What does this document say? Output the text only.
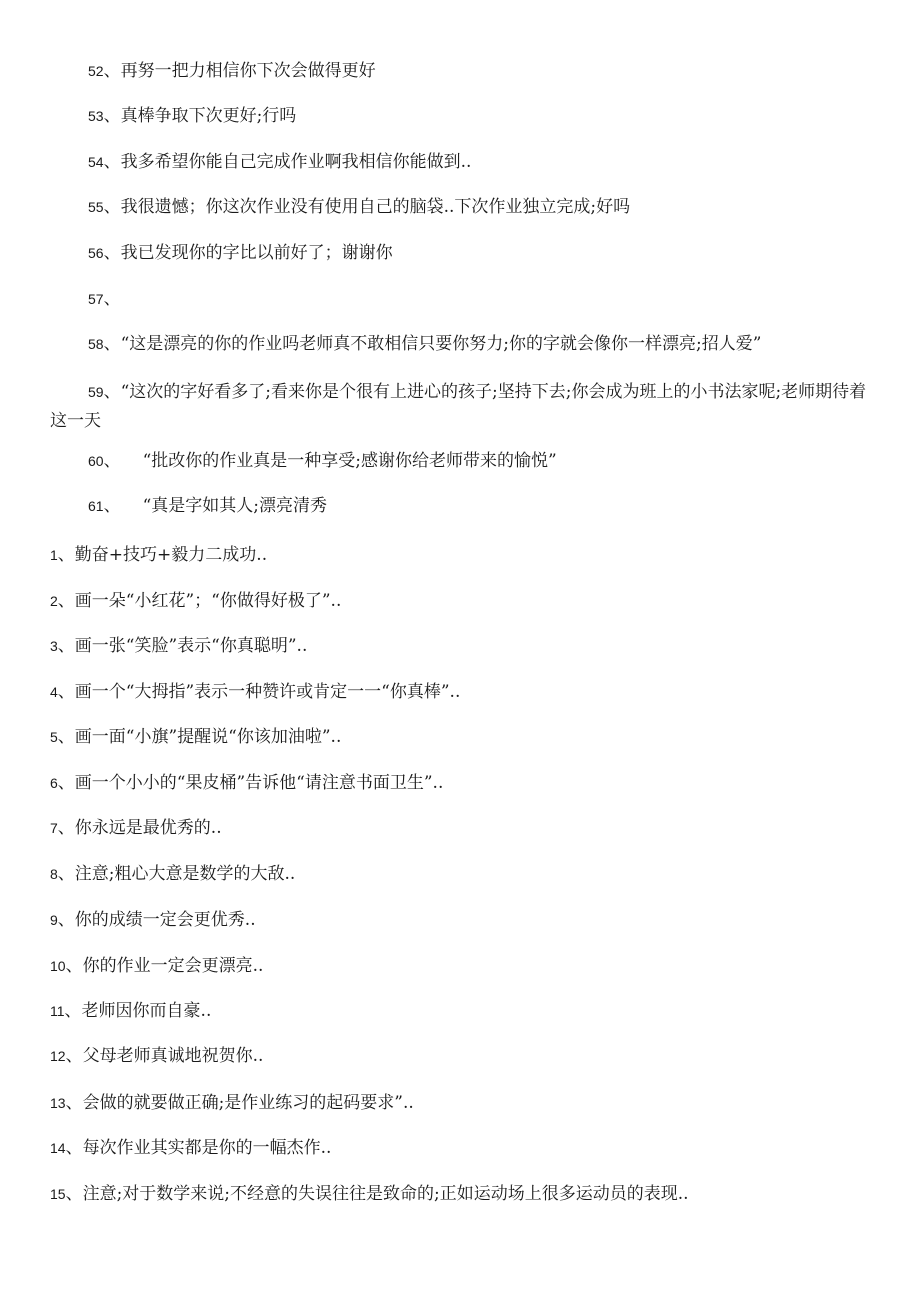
52、再努一把力相信你下次会做得更好
53、真棒争取下次更好;行吗
54、我多希望你能自己完成作业啊我相信你能做到..
55、我很遗憾；你这次作业没有使用自己的脑袋..下次作业独立完成;好吗
56、我已发现你的字比以前好了；谢谢你
57、
58、“这是漂亮的你的作业吗老师真不敢相信只要你努力;你的字就会像你一样漂亮;招人爱”
59、“这次的字好看多了;看来你是个很有上进心的孩子;坚持下去;你会成为班上的小书法家呢;老师期待着这一天
60、 “批改你的作业真是一种享受;感谢你给老师带来的愉悦”
61、 “真是字如其人;漂亮清秀
1、勤奋+技巧+毅力二成功..
2、画一朵“小红花”；“你做得好极了”..
3、画一张“笑脸”表示“你真聪明”..
4、画一个“大拇指”表示一种赞许或肯定一一“你真棒”..
5、画一面“小旗”提醒说“你该加油啦”..
6、画一个小小的“果皮桶”告诉他“请注意书面卫生”..
7、你永远是最优秀的..
8、注意;粗心大意是数学的大敌..
9、你的成绩一定会更优秀..
10、你的作业一定会更漂亮..
11、老师因你而自豪..
12、父母老师真诚地祝贺你..
13、会做的就要做正确;是作业练习的起码要求”..
14、每次作业其实都是你的一幅杰作..
15、注意;对于数学来说;不经意的失误往往是致命的;正如运动场上很多运动员的表现..
